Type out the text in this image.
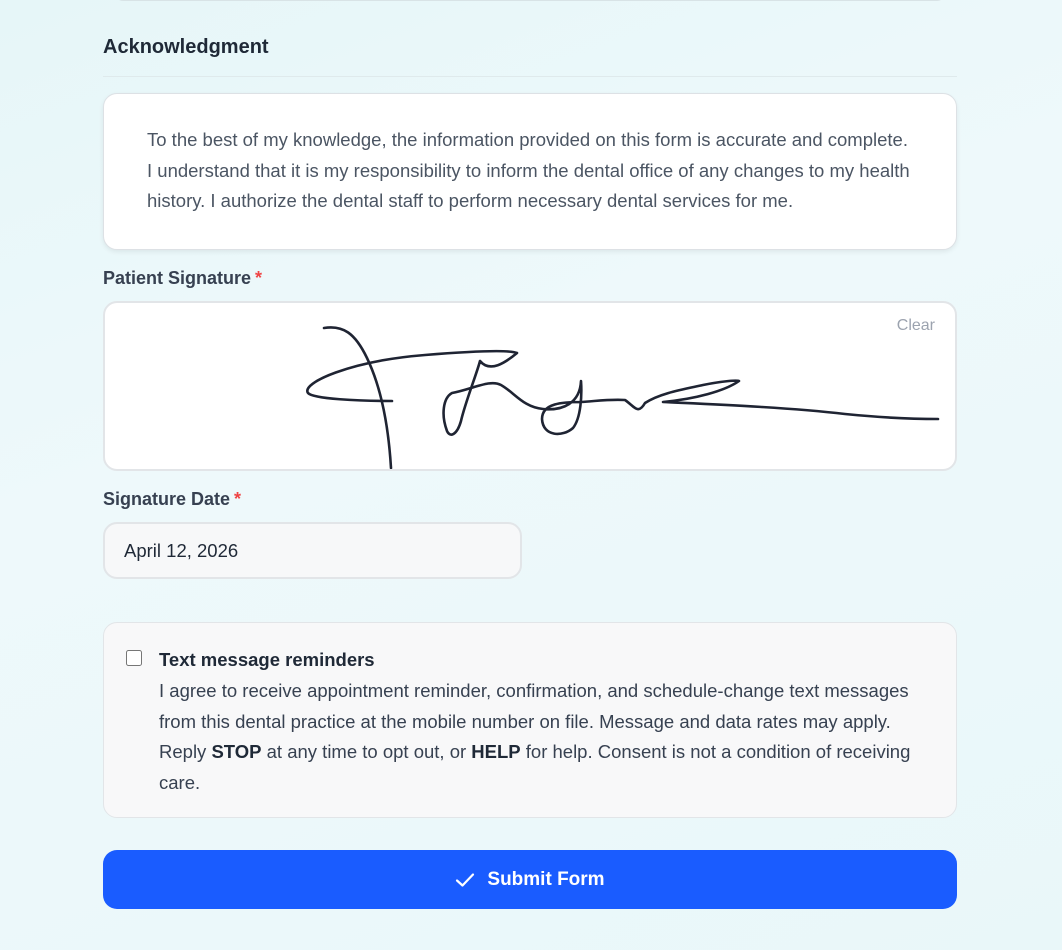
Acknowledgment

To the best of my knowledge, the information provided on this form is accurate and complete. I understand that it is my responsibility to inform the dental office of any changes to my health history. I authorize the dental staff to perform necessary dental services for me.

Patient Signature *
Clear
Signature Date *
April 12, 2026
Text message reminders

I agree to receive appointment reminder, confirmation, and schedule-change text messages from this dental practice at the mobile number on file. Message and data rates may apply. Reply STOP at any time to opt out, or HELP for help. Consent is not a condition of receiving care.

Submit Form
